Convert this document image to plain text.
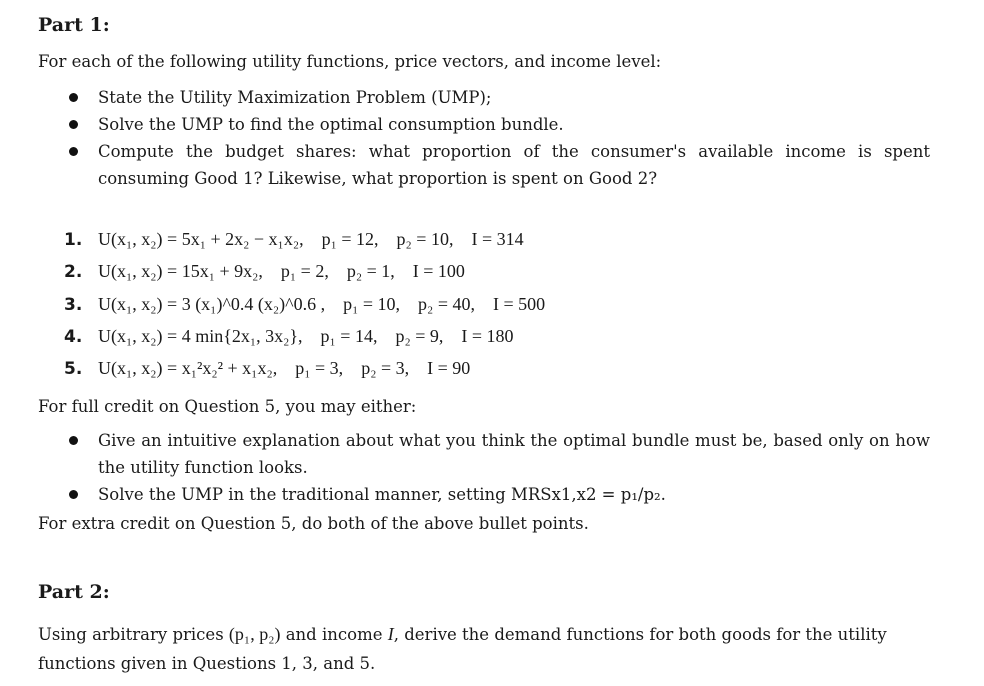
Part 1:
For each of the following utility functions, price vectors, and income level:
State the Utility Maximization Problem (UMP);
Solve the UMP to find the optimal consumption bundle.
Compute the budget shares: what proportion of the consumer's available income is spent consuming Good 1? Likewise, what proportion is spent on Good 2?
1. U(x₁, x₂) = 5x₁ + 2x₂ − x₁x₂, p₁ = 12, p₂ = 10, I = 314
2. U(x₁, x₂) = 15x₁ + 9x₂, p₁ = 2, p₂ = 1, I = 100
3. U(x₁, x₂) = 3 (x₁)^0.4 (x₂)^0.6 , p₁ = 10, p₂ = 40, I = 500
4. U(x₁, x₂) = 4 min{2x₁, 3x₂}, p₁ = 14, p₂ = 9, I = 180
5. U(x₁, x₂) = x₁²x₂² + x₁x₂, p₁ = 3, p₂ = 3, I = 90
For full credit on Question 5, you may either:
Give an intuitive explanation about what you think the optimal bundle must be, based only on how the utility function looks.
Solve the UMP in the traditional manner, setting MRSx1,x2 = p₁/p₂.
For extra credit on Question 5, do both of the above bullet points.
Part 2:
Using arbitrary prices (p₁, p₂) and income I, derive the demand functions for both goods for the utility functions given in Questions 1, 3, and 5.
